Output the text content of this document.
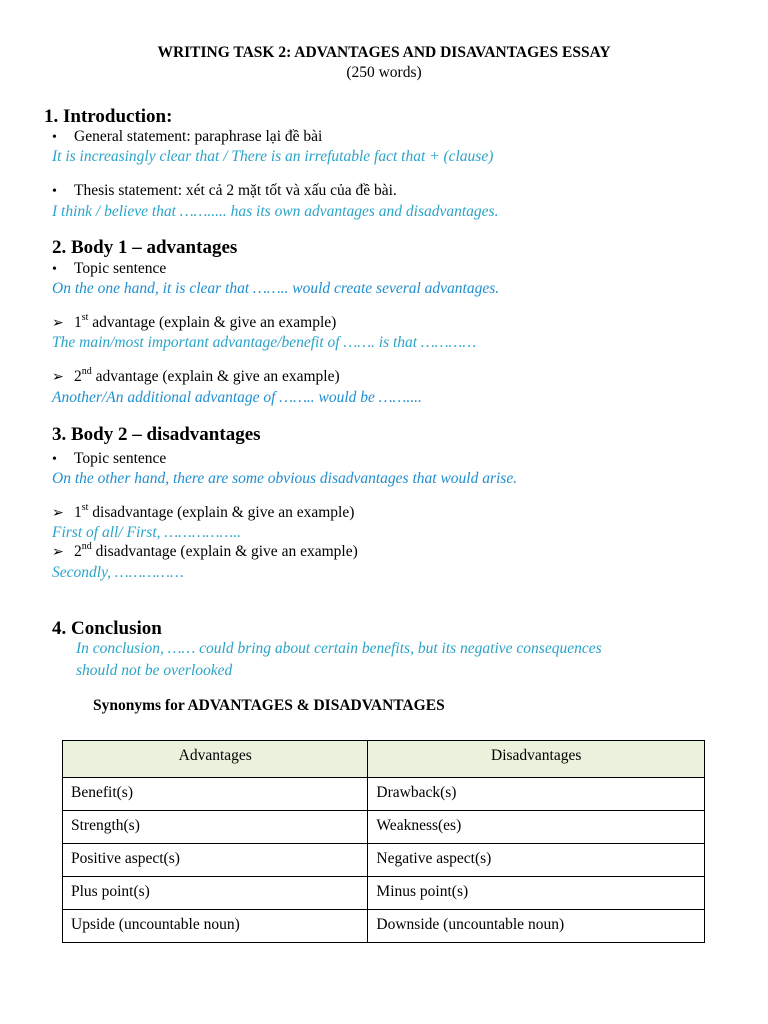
WRITING TASK 2: ADVANTAGES AND DISAVANTAGES ESSAY
(250 words)
1. Introduction:
• General statement: paraphrase lại đề bài
It is increasingly clear that / There is an irrefutable fact that + (clause)
• Thesis statement: xét cả 2 mặt tốt và xấu của đề bài.
I think / believe that ……..... has its own advantages and disadvantages.
2. Body 1 – advantages
• Topic sentence
On the one hand, it is clear that …….. would create several advantages.
➢ 1st advantage (explain & give an example)
The main/most important advantage/benefit of ……. is that …………
➢ 2nd advantage (explain & give an example)
Another/An additional advantage of …….. would be ……....
3. Body 2 – disadvantages
• Topic sentence
On the other hand, there are some obvious disadvantages that would arise.
➢ 1st disadvantage (explain & give an example)
First of all/ First, ……………..
➢ 2nd disadvantage (explain & give an example)
Secondly, ……………
4. Conclusion
In conclusion, …… could bring about certain benefits, but its negative consequences
should not be overlooked
Synonyms for ADVANTAGES & DISADVANTAGES
Advantages	Disadvantages
Benefit(s)	Drawback(s)
Strength(s)	Weakness(es)
Positive aspect(s)	Negative aspect(s)
Plus point(s)	Minus point(s)
Upside (uncountable noun)	Downside (uncountable noun)
